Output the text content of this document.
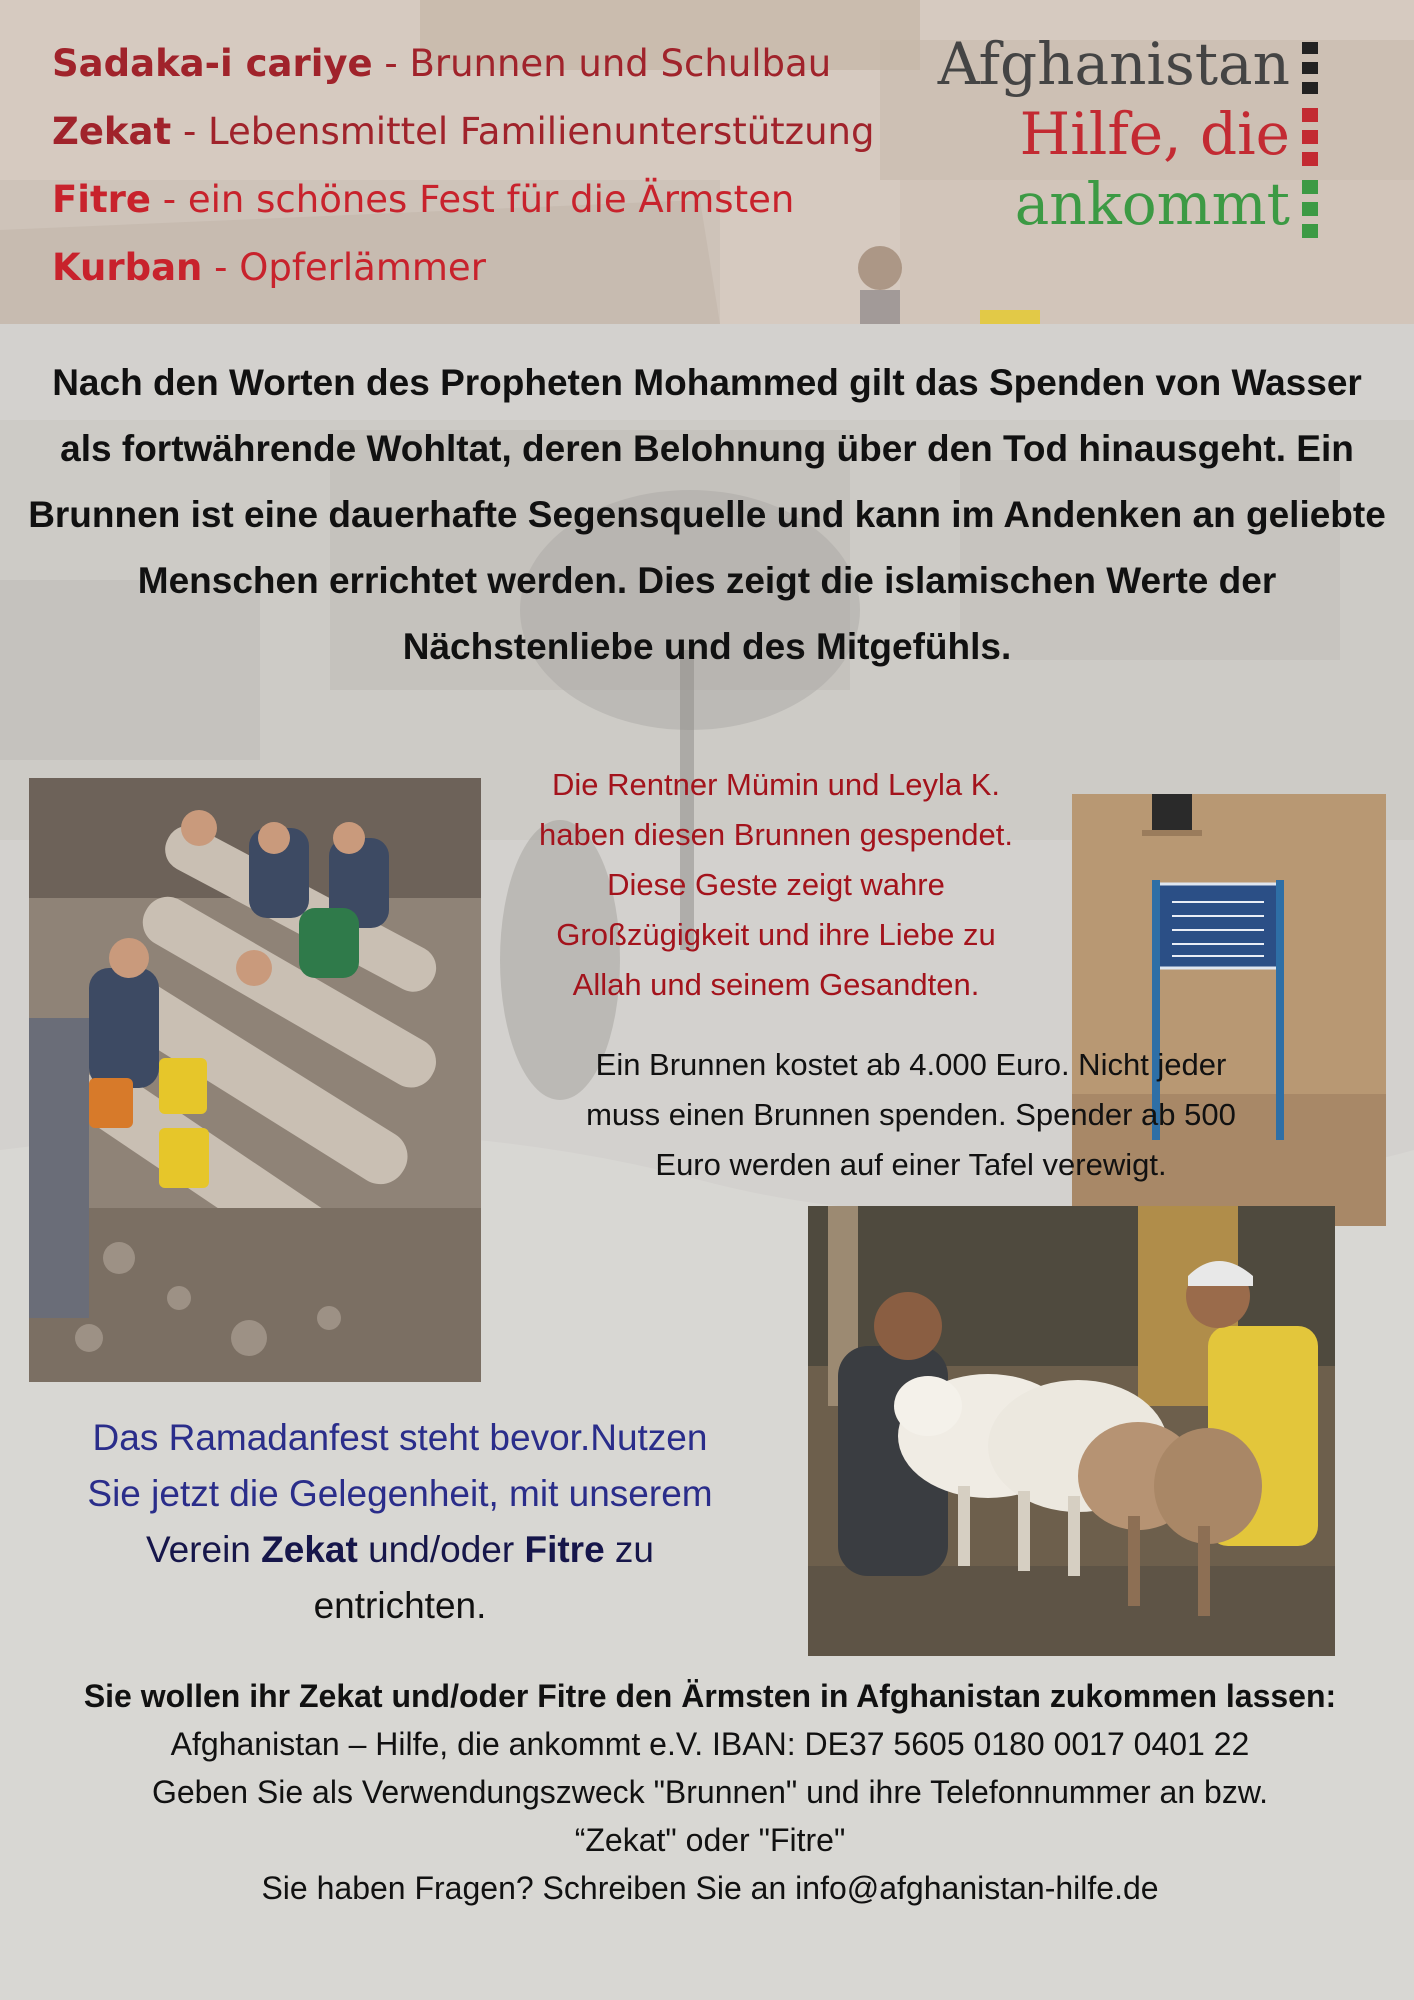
Sadaka-i cariye - Brunnen und Schulbau
Zekat - Lebensmittel Familienunterstützung
Fitre - ein schönes Fest für die Ärmsten
Kurban - Opferlämmer
Afghanistan
Hilfe, die
ankommt
Nach den Worten des Propheten Mohammed gilt das Spenden von Wasser als fortwährende Wohltat, deren Belohnung über den Tod hinausgeht. Ein Brunnen ist eine dauerhafte Segensquelle und kann im Andenken an geliebte Menschen errichtet werden. Dies zeigt die islamischen Werte der Nächstenliebe und des Mitgefühls.
Die Rentner Mümin und Leyla K.
haben diesen Brunnen gespendet.
Diese Geste zeigt wahre
Großzügigkeit und ihre Liebe zu
Allah und seinem Gesandten.
Ein Brunnen kostet ab 4.000 Euro. Nicht jeder
muss einen Brunnen spenden. Spender ab 500
Euro werden auf einer Tafel verewigt.
Das Ramadanfest steht bevor.Nutzen
Sie jetzt die Gelegenheit, mit unserem
Verein Zekat und/oder Fitre zu
entrichten.
Sie wollen ihr Zekat und/oder Fitre den Ärmsten in Afghanistan zukommen lassen:
Afghanistan – Hilfe, die ankommt e.V. IBAN: DE37 5605 0180 0017 0401 22
Geben Sie als Verwendungszweck "Brunnen" und ihre Telefonnummer an bzw.
“Zekat" oder "Fitre"
Sie haben Fragen? Schreiben Sie an info@afghanistan-hilfe.de
